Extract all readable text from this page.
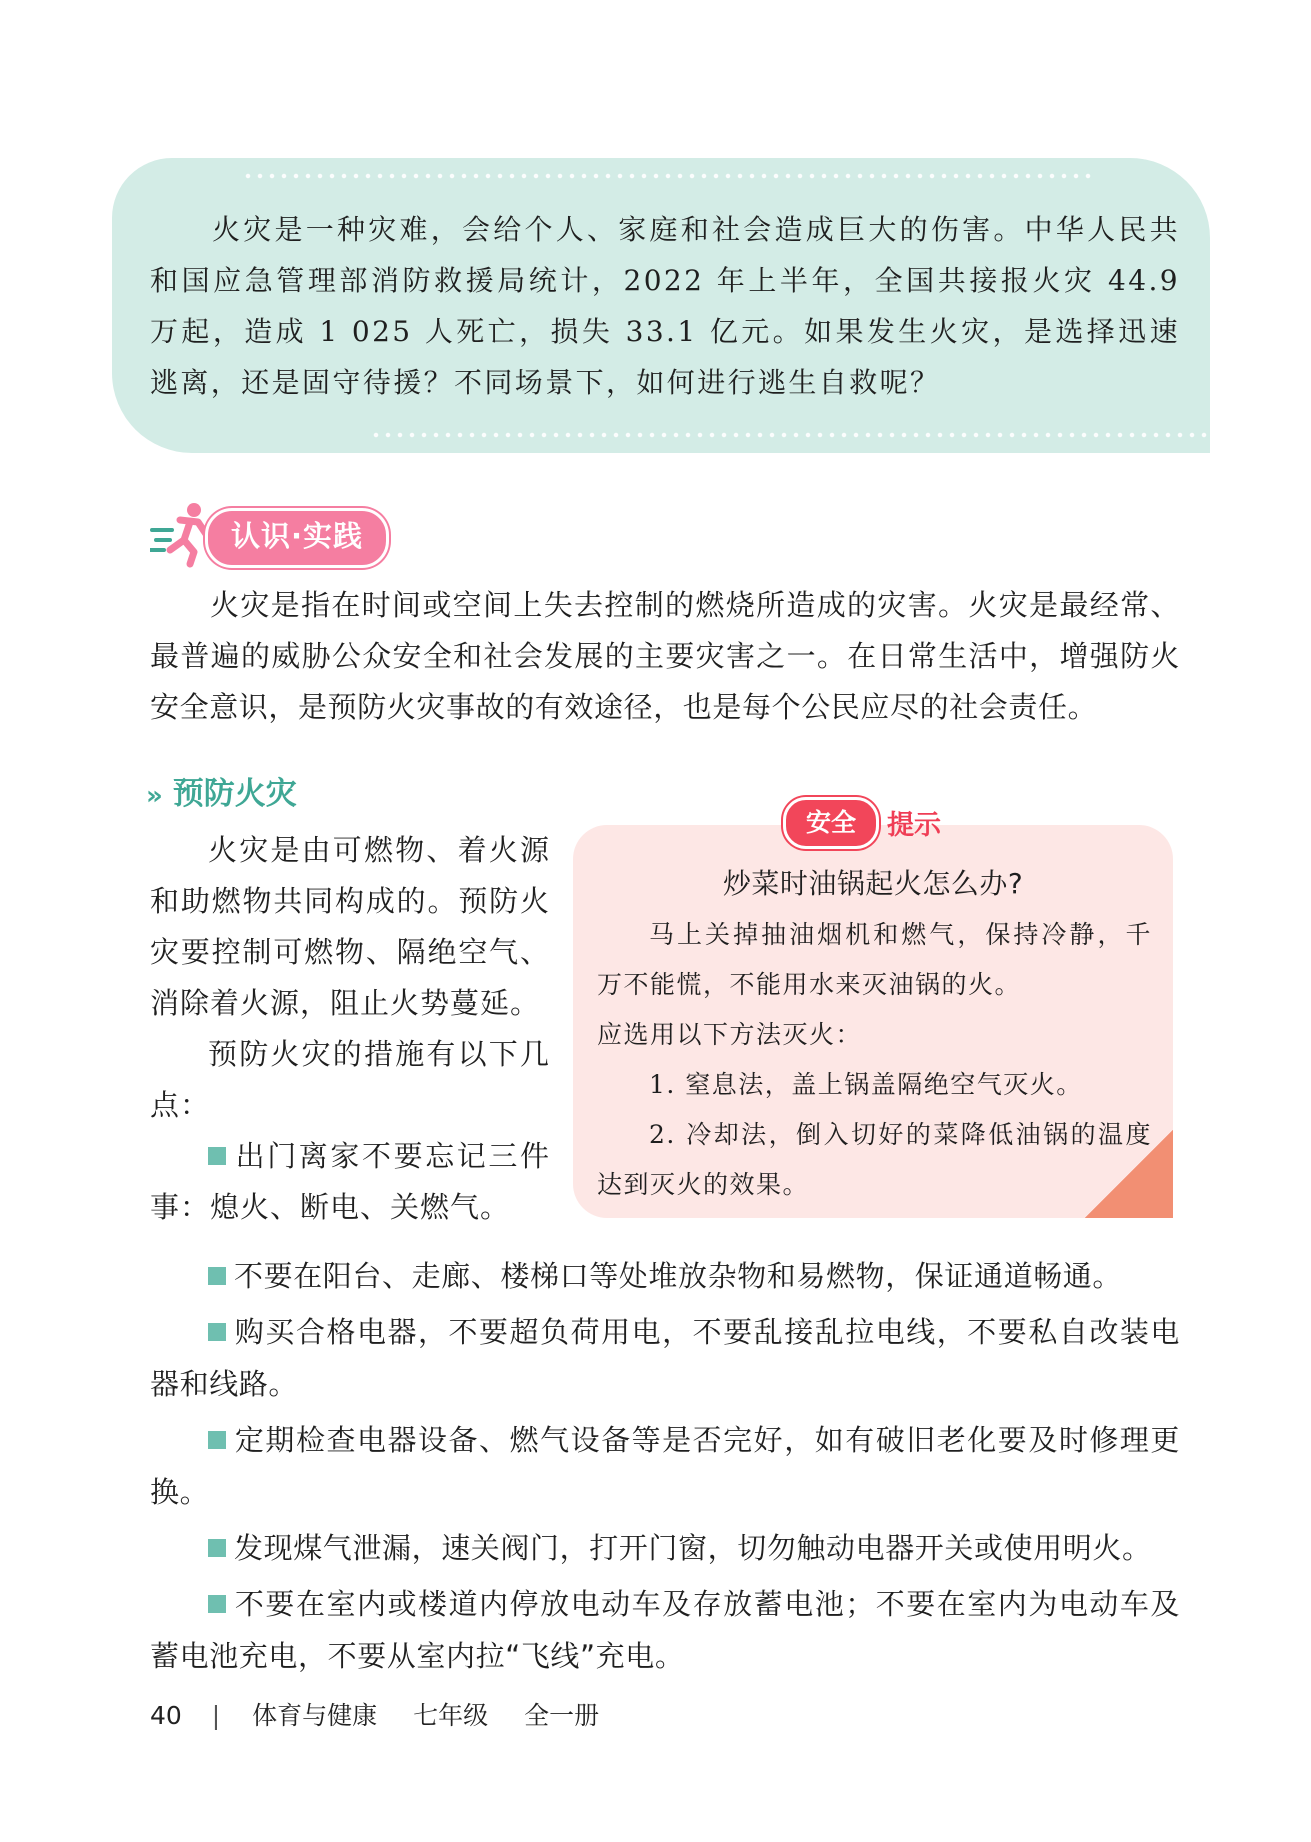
火灾是一种灾难，会给个人、家庭和社会造成巨大的伤害。中华人民共和国应急管理部消防救援局统计，2022 年上半年，全国共接报火灾 44.9 万起，造成 1 025 人死亡，损失 33.1 亿元。如果发生火灾，是选择迅速逃离，还是固守待援？不同场景下，如何进行逃生自救呢？
认识·实践
火灾是指在时间或空间上失去控制的燃烧所造成的灾害。火灾是最经常、最普遍的威胁公众安全和社会发展的主要灾害之一。在日常生活中，增强防火安全意识，是预防火灾事故的有效途径，也是每个公民应尽的社会责任。
» 预防火灾

火灾是由可燃物、着火源和助燃物共同构成的。预防火灾要控制可燃物、隔绝空气、消除着火源，阻止火势蔓延。

预防火灾的措施有以下几点：

出门离家不要忘记三件事：熄火、断电、关燃气。

安全	提示
炒菜时油锅起火怎么办?

马上关掉抽油烟机和燃气，保持冷静，千万不能慌，不能用水来灭油锅的火。

应选用以下方法灭火：

1. 窒息法，盖上锅盖隔绝空气灭火。

2. 冷却法，倒入切好的菜降低油锅的温度达到灭火的效果。

不要在阳台、走廊、楼梯口等处堆放杂物和易燃物，保证通道畅通。

购买合格电器，不要超负荷用电，不要乱接乱拉电线，不要私自改装电器和线路。

定期检查电器设备、燃气设备等是否完好，如有破旧老化要及时修理更换。

发现煤气泄漏，速关阀门，打开门窗，切勿触动电器开关或使用明火。

不要在室内或楼道内停放电动车及存放蓄电池；不要在室内为电动车及蓄电池充电，不要从室内拉“飞线”充电。

40 | 体育与健康 七年级 全一册
